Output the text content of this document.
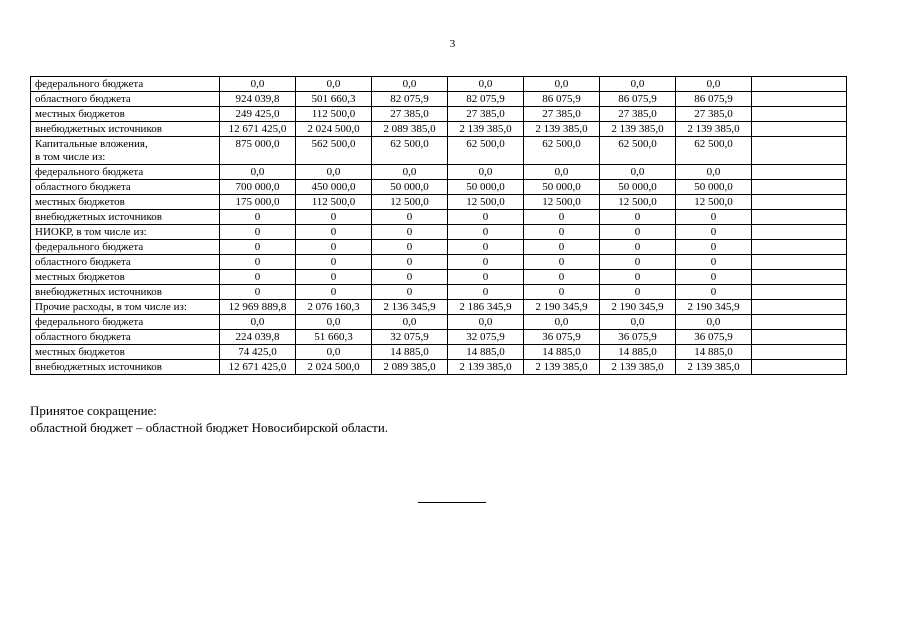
3
федерального бюджета	0,0	0,0	0,0	0,0	0,0	0,0	0,0	

областного бюджета	924 039,8	501 660,3	82 075,9	82 075,9	86 075,9	86 075,9	86 075,9	

местных бюджетов	249 425,0	112 500,0	27 385,0	27 385,0	27 385,0	27 385,0	27 385,0	

внебюджетных источников	12 671 425,0	2 024 500,0	2 089 385,0	2 139 385,0	2 139 385,0	2 139 385,0	2 139 385,0	

Капитальные вложения,
в том числе из:	875 000,0	562 500,0	62 500,0	62 500,0	62 500,0	62 500,0	62 500,0	

федерального бюджета	0,0	0,0	0,0	0,0	0,0	0,0	0,0	

областного бюджета	700 000,0	450 000,0	50 000,0	50 000,0	50 000,0	50 000,0	50 000,0	

местных бюджетов	175 000,0	112 500,0	12 500,0	12 500,0	12 500,0	12 500,0	12 500,0	

внебюджетных источников	0	0	0	0	0	0	0	

НИОКР, в том числе из:	0	0	0	0	0	0	0	

федерального бюджета	0	0	0	0	0	0	0	

областного бюджета	0	0	0	0	0	0	0	

местных бюджетов	0	0	0	0	0	0	0	

внебюджетных источников	0	0	0	0	0	0	0	

Прочие расходы, в том числе из:	12 969 889,8	2 076 160,3	2 136 345,9	2 186 345,9	2 190 345,9	2 190 345,9	2 190 345,9	

федерального бюджета	0,0	0,0	0,0	0,0	0,0	0,0	0,0	

областного бюджета	224 039,8	51 660,3	32 075,9	32 075,9	36 075,9	36 075,9	36 075,9	

местных бюджетов	74 425,0	0,0	14 885,0	14 885,0	14 885,0	14 885,0	14 885,0	

внебюджетных источников	12 671 425,0	2 024 500,0	2 089 385,0	2 139 385,0	2 139 385,0	2 139 385,0	2 139 385,0	
Принятое сокращение:
областной бюджет – областной бюджет Новосибирской области.
